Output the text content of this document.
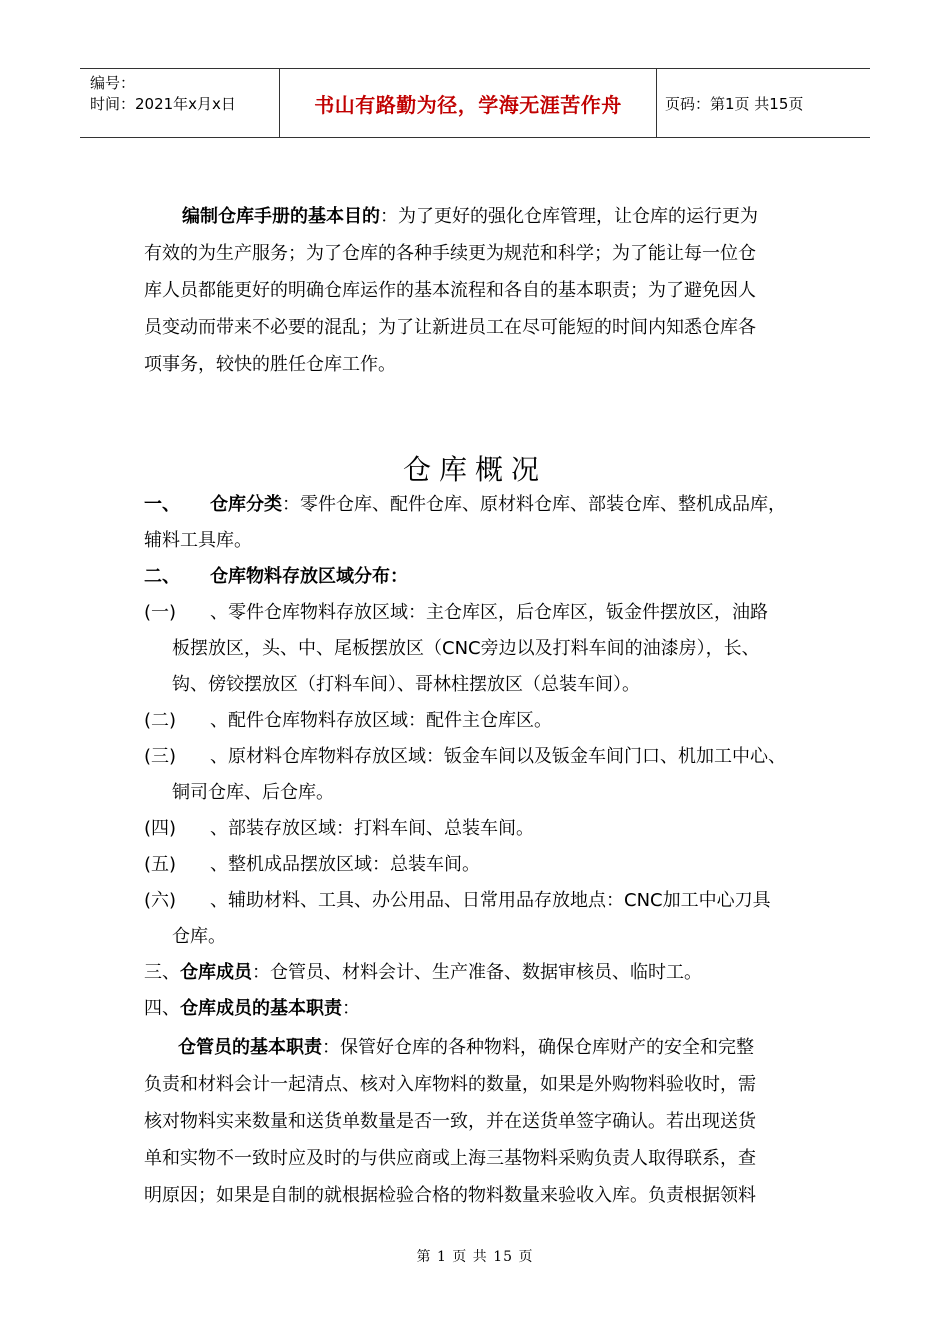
编号：
时间：2021年x月x日	书山有路勤为径，学海无涯苦作舟	页码：第1页 共15页
编制仓库手册的基本目的：为了更好的强化仓库管理，让仓库的运行更为
有效的为生产服务；为了仓库的各种手续更为规范和科学；为了能让每一位仓
库人员都能更好的明确仓库运作的基本流程和各自的基本职责；为了避免因人
员变动而带来不必要的混乱；为了让新进员工在尽可能短的时间内知悉仓库各
项事务，较快的胜任仓库工作。
仓库概况
一、 仓库分类：零件仓库、配件仓库、原材料仓库、部装仓库、整机成品库，
辅料工具库。
二、 仓库物料存放区域分布：
(一) 、零件仓库物料存放区域：主仓库区，后仓库区，钣金件摆放区，油路
板摆放区，头、中、尾板摆放区（CNC旁边以及打料车间的油漆房），长、
钩、傍铰摆放区（打料车间）、哥林柱摆放区（总装车间）。
(二) 、配件仓库物料存放区域：配件主仓库区。
(三) 、原材料仓库物料存放区域：钣金车间以及钣金车间门口、机加工中心、
铜司仓库、后仓库。
(四) 、部装存放区域：打料车间、总装车间。
(五) 、整机成品摆放区域：总装车间。
(六) 、辅助材料、工具、办公用品、日常用品存放地点：CNC加工中心刀具
仓库。
三、仓库成员：仓管员、材料会计、生产准备、数据审核员、临时工。
四、仓库成员的基本职责：
仓管员的基本职责：保管好仓库的各种物料，确保仓库财产的安全和完整
负责和材料会计一起清点、核对入库物料的数量，如果是外购物料验收时，需
核对物料实来数量和送货单数量是否一致，并在送货单签字确认。若出现送货
单和实物不一致时应及时的与供应商或上海三基物料采购负责人取得联系，查
明原因；如果是自制的就根据检验合格的物料数量来验收入库。负责根据领料
第 1 页 共 15 页
